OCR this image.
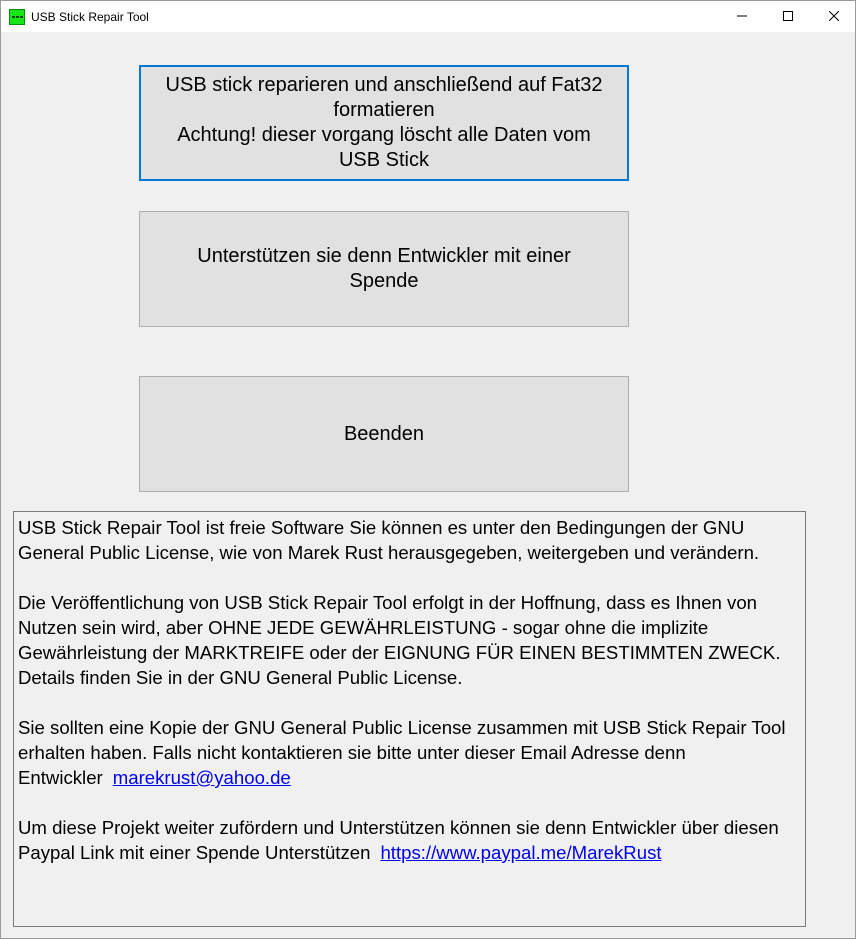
USB Stick Repair Tool
USB stick reparieren und anschließend auf Fat32
formatieren
Achtung! dieser vorgang löscht alle Daten vom
USB Stick
Unterstützen sie denn Entwickler mit einer
Spende
Beenden

USB Stick Repair Tool ist freie Software Sie können es unter den Bedingungen der GNU General Public License, wie von Marek Rust herausgegeben, weitergeben und verändern.

Die Veröffentlichung von USB Stick Repair Tool erfolgt in der Hoffnung, dass es Ihnen von Nutzen sein wird, aber OHNE JEDE GEWÄHRLEISTUNG - sogar ohne die implizite Gewährleistung der MARKTREIFE oder der EIGNUNG FÜR EINEN BESTIMMTEN ZWECK. Details finden Sie in der GNU General Public License.

Sie sollten eine Kopie der GNU General Public License zusammen mit USB Stick Repair Tool erhalten haben. Falls nicht kontaktieren sie bitte unter dieser Email Adresse denn Entwickler marekrust@yahoo.de

Um diese Projekt weiter zufördern und Unterstützen können sie denn Entwickler über diesen Paypal Link mit einer Spende Unterstützen https://www.paypal.me/MarekRust
